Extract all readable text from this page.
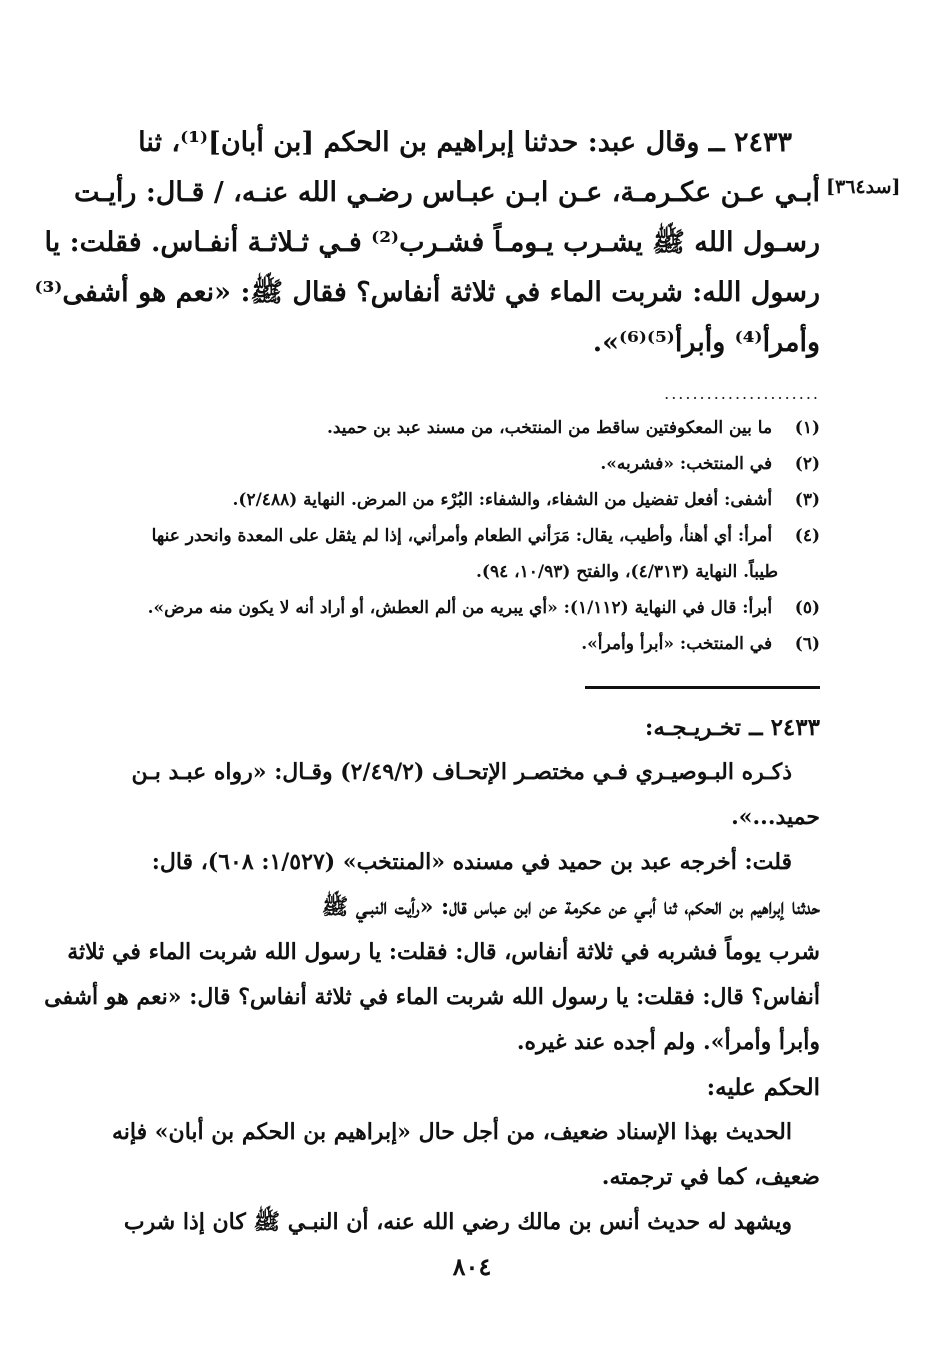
[سد٣٦٤]
٢٤٣٣ ــ وقال عبد: حدثنا إبراهيم بن الحكم [بن أبان]⁽¹⁾، ثنا
أبـي عـن عكـرمـة، عـن ابـن عبـاس رضـي الله عنـه، / قـال: رأيـت
رسـول الله ﷺ يشـرب يـومـاً فشـرب⁽²⁾ فـي ثـلاثـة أنفـاس. فقلت: يا
رسول الله: شربت الماء في ثلاثة أنفاس؟ فقال ﷺ: «نعم هو أشفى⁽³⁾
وأمرأ⁽⁴⁾ وأبرأ⁽⁵⁾⁽⁶⁾».
......................
(١) ما بين المعكوفتين ساقط من المنتخب، من مسند عبد بن حميد.
(٢) في المنتخب: «فشربه».
(٣) أشفى: أفعل تفضيل من الشفاء، والشفاء: البُرْء من المرض. النهاية (٢/٤٨٨).
(٤) أمرأ: أي أهنأ، وأطيب، يقال: مَرَأني الطعام وأمرأني، إذا لم يثقل على المعدة وانحدر عنها
طيباً. النهاية (٤/٣١٣)، والفتح (١٠/٩٣، ٩٤).
(٥) أبرأ: قال في النهاية (١/١١٢): «أي يبريه من ألم العطش، أو أراد أنه لا يكون منه مرض».
(٦) في المنتخب: «أبرأ وأمرأ».
٢٤٣٣ ــ تخـريـجـه:
ذكـره البـوصيـري فـي مختصـر الإتحـاف (٢/٤٩/٢) وقـال: «رواه عبـد بـن
حميد...».
قلت: أخرجه عبد بن حميد في مسنده «المنتخب» (١/٥٢٧: ٦٠٨)، قال:
حدثنا إبراهيم بن الحكم، ثنا أبـي عن عكرمة عن ابن عباس قال: «رأيت النبـي ﷺ
شرب يوماً فشربه في ثلاثة أنفاس، قال: فقلت: يا رسول الله شربت الماء في ثلاثة
أنفاس؟ قال: فقلت: يا رسول الله شربت الماء في ثلاثة أنفاس؟ قال: «نعم هو أشفى
وأبرأ وأمرأ». ولم أجده عند غيره.
الحكم عليه:
الحديث بهذا الإسناد ضعيف، من أجل حال «إبراهيم بن الحكم بن أبان» فإنه
ضعيف، كما في ترجمته.
ويشهد له حديث أنس بن مالك رضي الله عنه، أن النبـي ﷺ كان إذا شرب
٨٠٤
